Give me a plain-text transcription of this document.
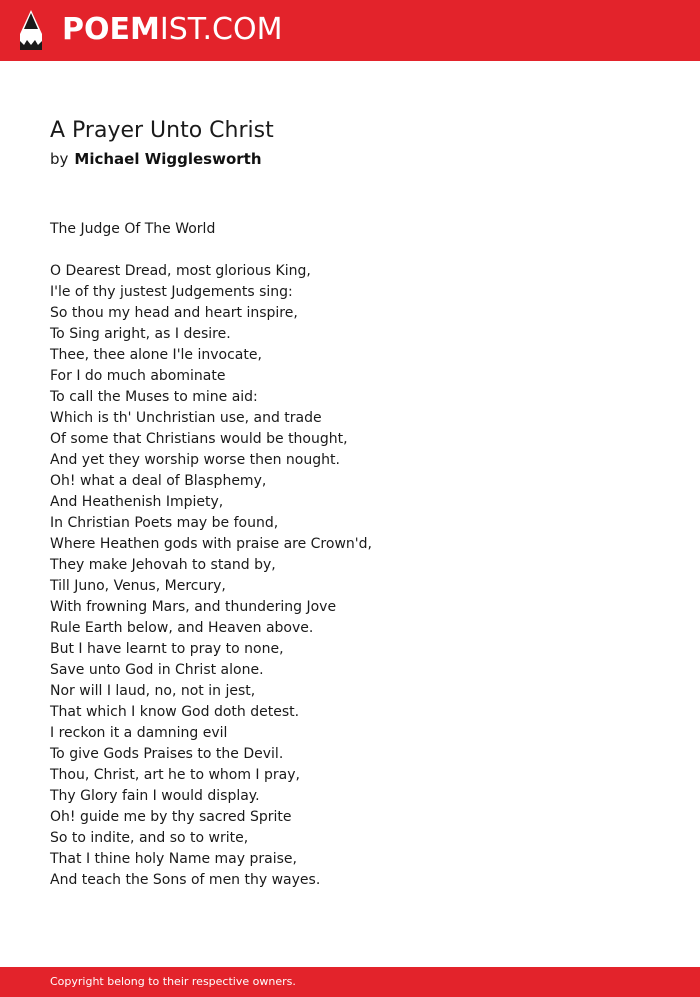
POEMIST.COM
A Prayer Unto Christ
by Michael Wigglesworth
The Judge Of The World
O Dearest Dread, most glorious King,
I'le of thy justest Judgements sing:
So thou my head and heart inspire,
To Sing aright, as I desire.
Thee, thee alone I'le invocate,
For I do much abominate
To call the Muses to mine aid:
Which is th' Unchristian use, and trade
Of some that Christians would be thought,
And yet they worship worse then nought.
Oh! what a deal of Blasphemy,
And Heathenish Impiety,
In Christian Poets may be found,
Where Heathen gods with praise are Crown'd,
They make Jehovah to stand by,
Till Juno, Venus, Mercury,
With frowning Mars, and thundering Jove
Rule Earth below, and Heaven above.
But I have learnt to pray to none,
Save unto God in Christ alone.
Nor will I laud, no, not in jest,
That which I know God doth detest.
I reckon it a damning evil
To give Gods Praises to the Devil.
Thou, Christ, art he to whom I pray,
Thy Glory fain I would display.
Oh! guide me by thy sacred Sprite
So to indite, and so to write,
That I thine holy Name may praise,
And teach the Sons of men thy wayes.
Copyright belong to their respective owners.
